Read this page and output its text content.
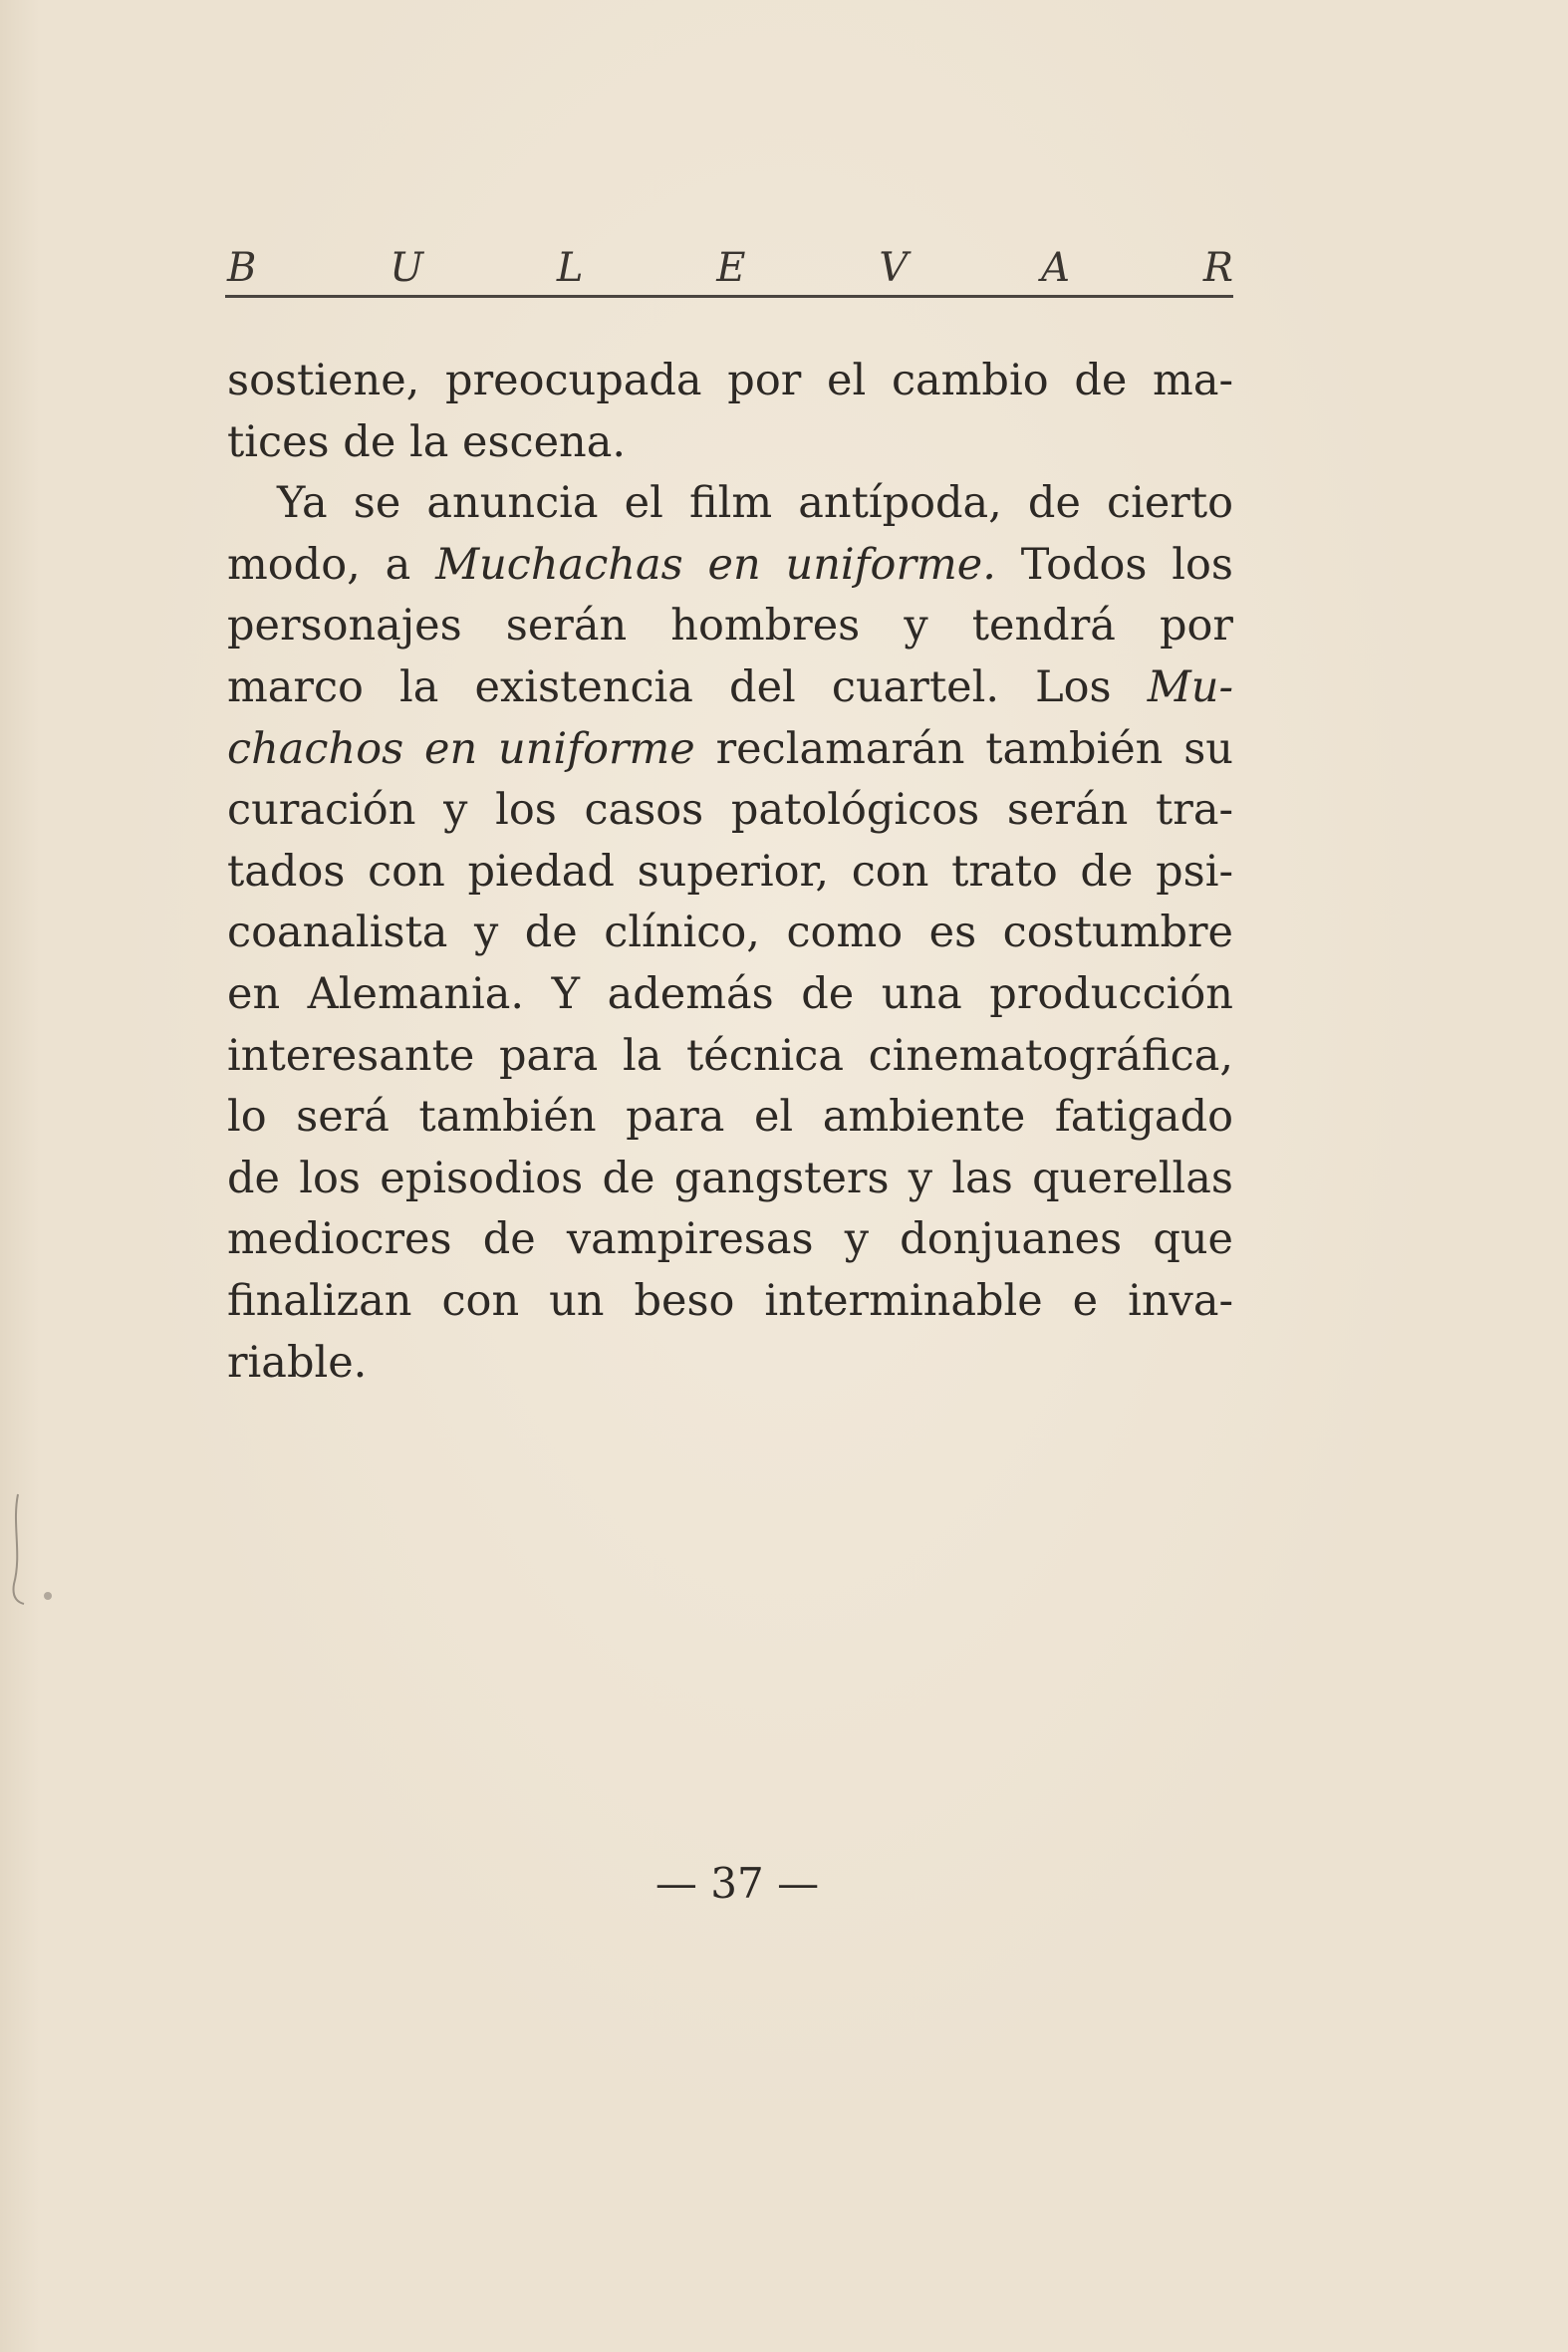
B	U	L	E	V	A	R
sostiene, preocupada por el cambio de ma-
tices de la escena.
Ya se anuncia el film antípoda, de cierto
modo, a Muchachas en uniforme. Todos los
personajes serán hombres y tendrá por
marco la existencia del cuartel. Los Mu-
chachos en uniforme reclamarán también su
curación y los casos patológicos serán tra-
tados con piedad superior, con trato de psi-
coanalista y de clínico, como es costumbre
en Alemania. Y además de una producción
interesante para la técnica cinematográfica,
lo será también para el ambiente fatigado
de los episodios de gangsters y las querellas
mediocres de vampiresas y donjuanes que
finalizan con un beso interminable e inva-
riable.
— 37 —
